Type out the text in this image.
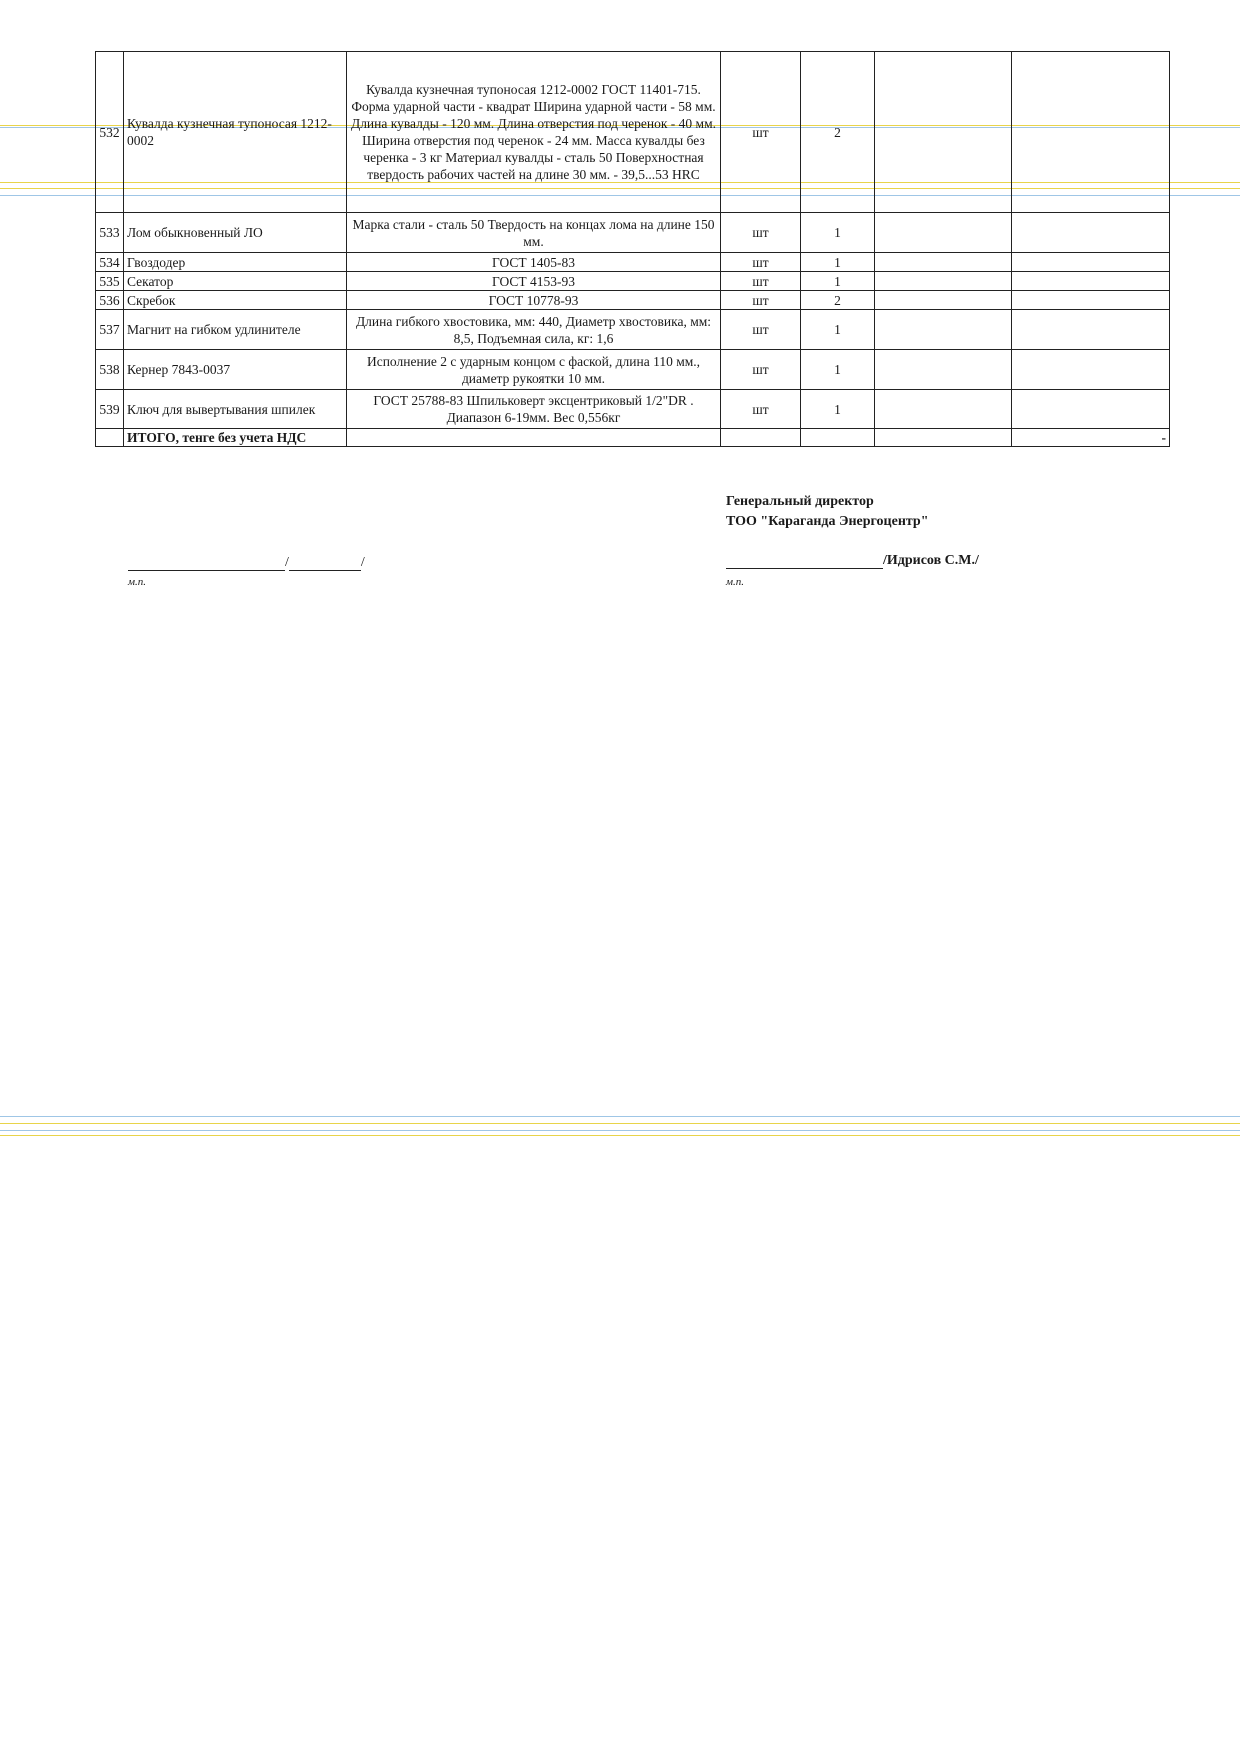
532	Кувалда кузнечная тупоносая 1212-0002	Кувалда кузнечная тупоносая 1212-0002 ГОСТ 11401-715. Форма ударной части - квадрат Ширина ударной части - 58 мм. Длина кувалды - 120 мм. Длина отверстия под черенок - 40 мм. Ширина отверстия под черенок - 24 мм. Масса кувалды без черенка - 3 кг Материал кувалды - сталь 50 Поверхностная твердость рабочих частей на длине 30 мм. - 39,5...53 HRC	шт	2		
533	Лом обыкновенный ЛО	Марка стали - сталь 50 Твердость на концах лома на длине 150 мм.	шт	1		
534	Гвоздодер	ГОСТ 1405-83	шт	1		
535	Секатор	ГОСТ 4153-93	шт	1		
536	Скребок	ГОСТ 10778-93	шт	2		
537	Магнит на гибком удлинителе	Длина гибкого хвостовика, мм: 440, Диаметр хвостовика, мм: 8,5, Подъемная сила, кг: 1,6	шт	1		
538	Кернер 7843-0037	Исполнение 2 с ударным концом с фаской, длина 110 мм., диаметр рукоятки 10 мм.	шт	1		
539	Ключ для вывертывания шпилек	ГОСТ 25788-83 Шпильковерт эксцентриковый 1/2"DR . Диапазон 6-19мм. Вес 0,556кг	шт	1		
	ИТОГО, тенге без учета НДС					-
/	/
м.п.
Генеральный директор
ТОО "Караганда Энергоцентр"
/Идрисов С.М./
м.п.
